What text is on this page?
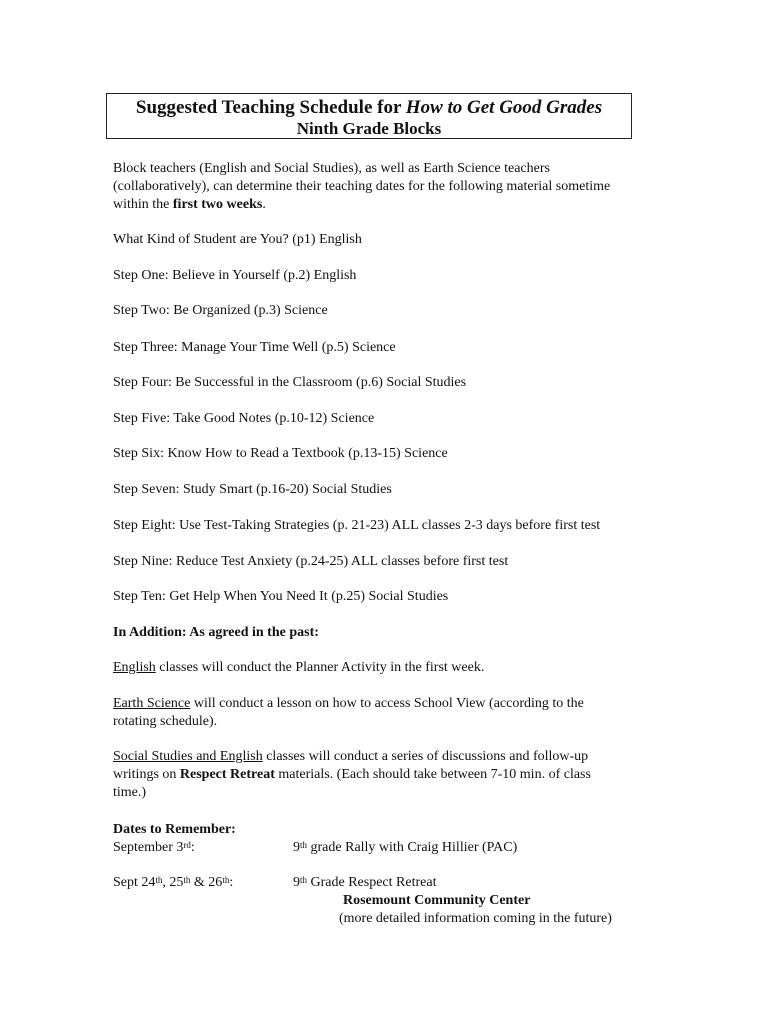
Suggested Teaching Schedule for How to Get Good Grades
Ninth Grade Blocks
Block teachers (English and Social Studies), as well as Earth Science teachers
(collaboratively), can determine their teaching dates for the following material sometime
within the first two weeks.
What Kind of Student are You? (p1) English
Step One: Believe in Yourself (p.2) English
Step Two: Be Organized (p.3) Science
Step Three: Manage Your Time Well (p.5) Science
Step Four: Be Successful in the Classroom (p.6) Social Studies
Step Five: Take Good Notes (p.10-12) Science
Step Six: Know How to Read a Textbook (p.13-15) Science
Step Seven: Study Smart (p.16-20) Social Studies
Step Eight: Use Test-Taking Strategies (p. 21-23) ALL classes 2-3 days before first test
Step Nine: Reduce Test Anxiety (p.24-25) ALL classes before first test
Step Ten: Get Help When You Need It (p.25) Social Studies
In Addition: As agreed in the past:
English classes will conduct the Planner Activity in the first week.
Earth Science will conduct a lesson on how to access School View (according to the
rotating schedule).
Social Studies and English classes will conduct a series of discussions and follow-up
writings on Respect Retreat materials. (Each should take between 7-10 min. of class
time.)
Dates to Remember:
September 3rd:	9th grade Rally with Craig Hillier (PAC)
Sept 24th, 25th & 26th:	9th Grade Respect Retreat
Rosemount Community Center
(more detailed information coming in the future)
